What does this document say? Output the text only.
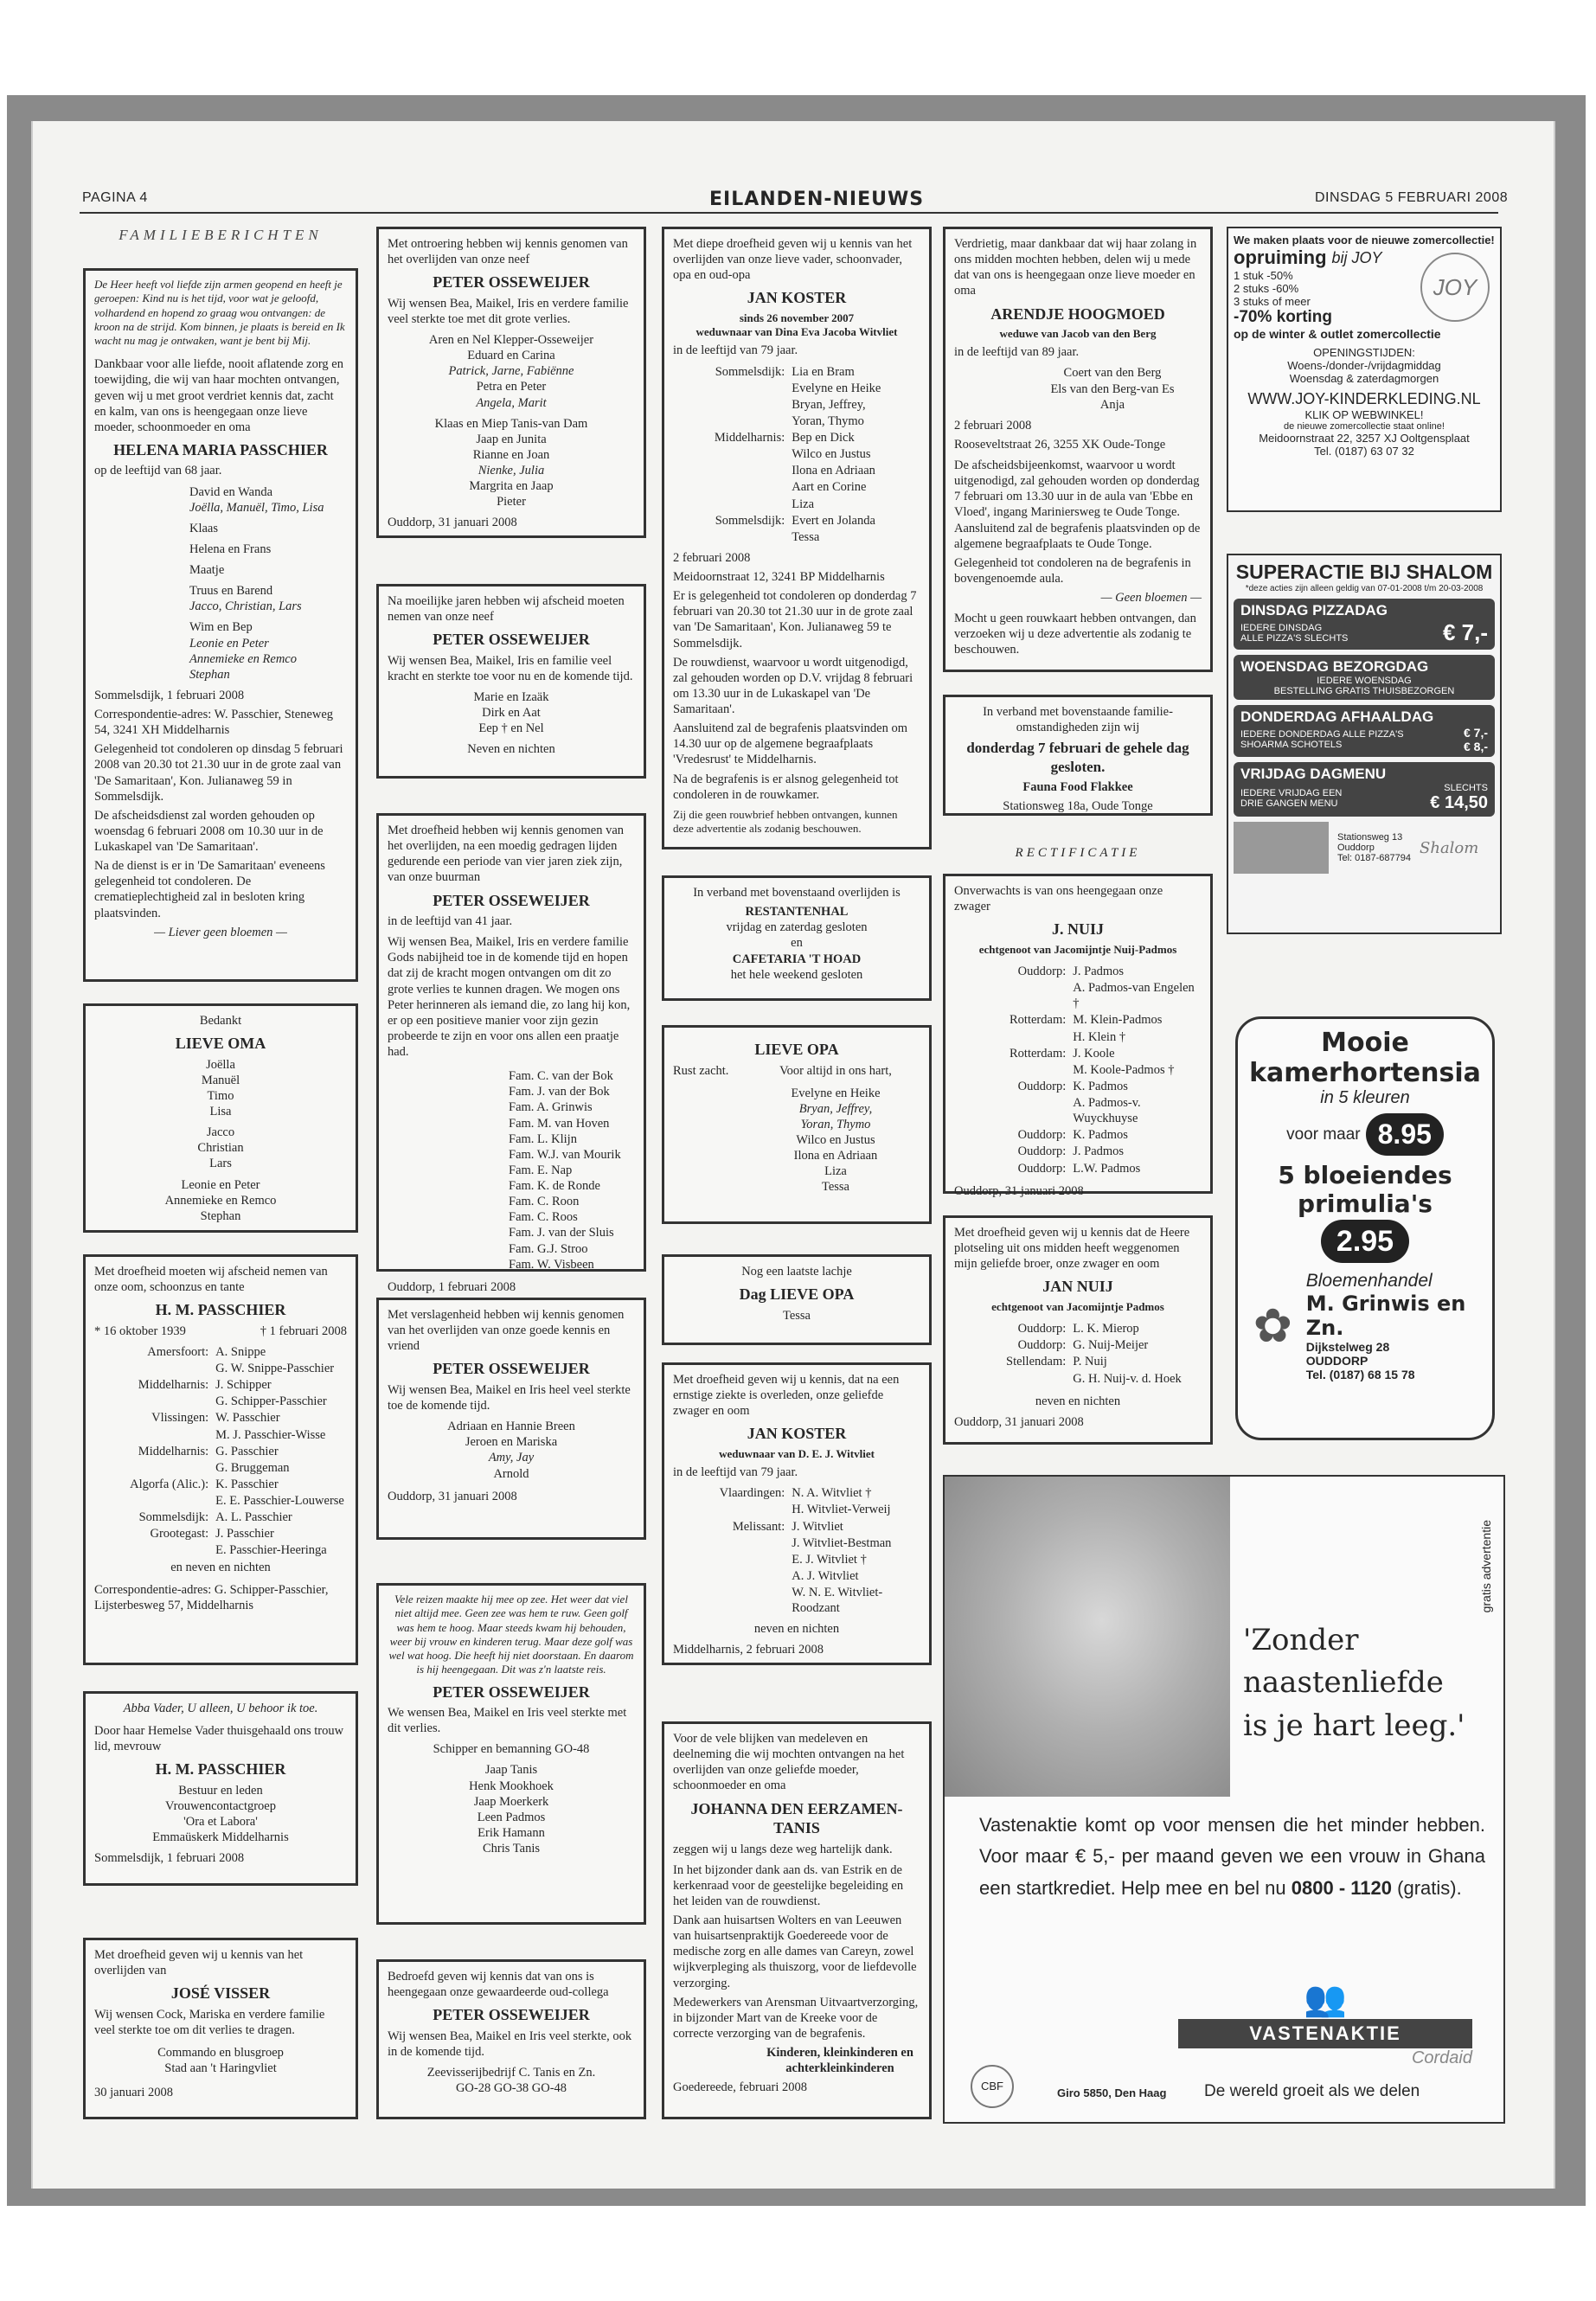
PAGINA 4	EILANDEN-NIEUWS	DINSDAG 5 FEBRUARI 2008
FAMILIEBERICHTEN

De Heer heeft vol liefde zijn armen geopend en heeft je geroepen: Kind nu is het tijd, voor wat je geloofd, volhardend en hopend zo graag wou ontvangen: de kroon na de strijd. Kom binnen, je plaats is bereid en Ik wacht nu mag je ontwaken, want je bent bij Mij.

Dankbaar voor alle liefde, nooit aflatende zorg en toewijding, die wij van haar mochten ontvangen, geven wij u met groot verdriet kennis dat, zacht en kalm, van ons is heengegaan onze lieve moeder, schoonmoeder en oma

HELENA MARIA PASSCHIER

op de leeftijd van 68 jaar.

David en Wanda
Joëlla, Manuël, Timo, Lisa
Klaas
Helena en Frans
Maatje
Truus en Barend
Jacco, Christian, Lars
Wim en Bep
Leonie en Peter
Annemieke en Remco
Stephan

Sommelsdijk, 1 februari 2008

Correspondentie-adres: W. Passchier, Steneweg 54, 3241 XH Middelharnis

Gelegenheid tot condoleren op dinsdag 5 februari 2008 van 20.30 tot 21.30 uur in de grote zaal van 'De Samaritaan', Kon. Julianaweg 59 in Sommelsdijk.

De afscheidsdienst zal worden gehouden op woensdag 6 februari 2008 om 10.30 uur in de Lukaskapel van 'De Samaritaan'.

Na de dienst is er in 'De Samaritaan' eveneens gelegenheid tot condoleren. De crematieplechtigheid zal in besloten kring plaatsvinden.

— Liever geen bloemen —

Bedankt

LIEVE OMA
Joëlla
Manuël
Timo
Lisa
Jacco
Christian
Lars
Leonie en Peter
Annemieke en Remco
Stephan

Met droefheid moeten wij afscheid nemen van onze oom, schoonzus en tante

H. M. PASSCHIER
* 16 oktober 1939	† 1 februari 2008
Amersfoort: A. Snippe
G. W. Snippe-Passchier
Middelharnis: J. Schipper
G. Schipper-Passchier
Vlissingen: W. Passchier
M. J. Passchier-Wisse
Middelharnis: G. Passchier
G. Bruggeman
Algorfa (Alic.): K. Passchier
E. E. Passchier-Louwerse
Sommelsdijk: A. L. Passchier
Grootegast: J. Passchier
E. Passchier-Heeringa

en neven en nichten

Correspondentie-adres: G. Schipper-Passchier, Lijsterbesweg 57, Middelharnis

Abba Vader, U alleen, U behoor ik toe.

Door haar Hemelse Vader thuisgehaald ons trouw lid, mevrouw

H. M. PASSCHIER
Bestuur en leden
Vrouwencontactgroep
'Ora et Labora'
Emmaüskerk Middelharnis

Sommelsdijk, 1 februari 2008

Met droefheid geven wij u kennis van het overlijden van

JOSÉ VISSER

Wij wensen Cock, Mariska en verdere familie veel sterkte toe om dit verlies te dragen.

Commando en blusgroep
Stad aan 't Haringvliet

30 januari 2008

Met ontroering hebben wij kennis genomen van het overlijden van onze neef

PETER OSSEWEIJER

Wij wensen Bea, Maikel, Iris en verdere familie veel sterkte toe met dit grote verlies.

Aren en Nel Klepper-Osseweijer
Eduard en Carina
Patrick, Jarne, Fabiënne
Petra en Peter
Angela, Marit
Klaas en Miep Tanis-van Dam
Jaap en Junita
Rianne en Joan
Nienke, Julia
Margrita en Jaap
Pieter

Ouddorp, 31 januari 2008

Na moeilijke jaren hebben wij afscheid moeten nemen van onze neef

PETER OSSEWEIJER

Wij wensen Bea, Maikel, Iris en familie veel kracht en sterkte toe voor nu en de komende tijd.

Marie en Izaäk
Dirk en Aat
Eep † en Nel
Neven en nichten

Met droefheid hebben wij kennis genomen van het overlijden, na een moedig gedragen lijden gedurende een periode van vier jaren ziek zijn, van onze buurman

PETER OSSEWEIJER

in de leeftijd van 41 jaar.

Wij wensen Bea, Maikel, Iris en verdere familie Gods nabijheid toe in de komende tijd en hopen dat zij de kracht mogen ontvangen om dit zo grote verlies te kunnen dragen. We mogen ons Peter herinneren als iemand die, zo lang hij kon, er op een positieve manier voor zijn gezin probeerde te zijn en voor ons allen een praatje had.

Fam. C. van der Bok
Fam. J. van der Bok
Fam. A. Grinwis
Fam. M. van Hoven
Fam. L. Klijn
Fam. W.J. van Mourik
Fam. E. Nap
Fam. K. de Ronde
Fam. C. Roon
Fam. C. Roos
Fam. J. van der Sluis
Fam. G.J. Stroo
Fam. W. Visbeen

Ouddorp, 1 februari 2008

Met verslagenheid hebben wij kennis genomen van het overlijden van onze goede kennis en vriend

PETER OSSEWEIJER

Wij wensen Bea, Maikel en Iris heel veel sterkte toe de komende tijd.

Adriaan en Hannie Breen
Jeroen en Mariska
Amy, Jay
Arnold

Ouddorp, 31 januari 2008

Vele reizen maakte hij mee op zee. Het weer dat viel niet altijd mee. Geen zee was hem te ruw. Geen golf was hem te hoog. Maar steeds kwam hij behouden, weer bij vrouw en kinderen terug. Maar deze golf was wel wat hoog. Die heeft hij niet doorstaan. En daarom is hij heengegaan. Dit was z'n laatste reis.

PETER OSSEWEIJER

We wensen Bea, Maikel en Iris veel sterkte met dit verlies.

Schipper en bemanning GO-48
Jaap Tanis
Henk Mookhoek
Jaap Moerkerk
Leen Padmos
Erik Hamann
Chris Tanis

Bedroefd geven wij kennis dat van ons is heengegaan onze gewaardeerde oud-collega

PETER OSSEWEIJER

Wij wensen Bea, Maikel en Iris veel sterkte, ook in de komende tijd.

Zeevisserijbedrijf C. Tanis en Zn.
GO-28 GO-38 GO-48

Met diepe droefheid geven wij u kennis van het overlijden van onze lieve vader, schoonvader, opa en oud-opa

JAN KOSTER
sinds 26 november 2007
weduwnaar van Dina Eva Jacoba Witvliet

in de leeftijd van 79 jaar.

Sommelsdijk: Lia en Bram
Evelyne en Heike
Bryan, Jeffrey,
Yoran, Thymo
Middelharnis: Bep en Dick
Wilco en Justus
Ilona en Adriaan
Aart en Corine
Liza
Sommelsdijk: Evert en Jolanda
Tessa

2 februari 2008

Meidoornstraat 12, 3241 BP Middelharnis

Er is gelegenheid tot condoleren op donderdag 7 februari van 20.30 tot 21.30 uur in de grote zaal van 'De Samaritaan', Kon. Julianaweg 59 te Sommelsdijk.

De rouwdienst, waarvoor u wordt uitgenodigd, zal gehouden worden op D.V. vrijdag 8 februari om 13.30 uur in de Lukaskapel van 'De Samaritaan'.

Aansluitend zal de begrafenis plaatsvinden om 14.30 uur op de algemene begraafplaats 'Vredesrust' te Middelharnis.

Na de begrafenis is er alsnog gelegenheid tot condoleren in de rouwkamer.

Zij die geen rouwbrief hebben ontvangen, kunnen deze advertentie als zodanig beschouwen.

In verband met bovenstaand overlijden is

RESTANTENHAL
vrijdag en zaterdag gesloten
en
CAFETARIA 'T HOAD
het hele weekend gesloten
LIEVE OPA
Rust zacht.	Voor altijd in ons hart,
Evelyne en Heike
Bryan, Jeffrey,
Yoran, Thymo
Wilco en Justus
Ilona en Adriaan
Liza
Tessa

Nog een laatste lachje

Dag LIEVE OPA

Tessa

Met droefheid geven wij u kennis, dat na een ernstige ziekte is overleden, onze geliefde zwager en oom

JAN KOSTER
weduwnaar van D. E. J. Witvliet

in de leeftijd van 79 jaar.

Vlaardingen: N. A. Witvliet †
H. Witvliet-Verweij
Melissant: J. Witvliet
J. Witvliet-Bestman
E. J. Witvliet †
A. J. Witvliet
W. N. E. Witvliet-Roodzant

neven en nichten

Middelharnis, 2 februari 2008

Voor de vele blijken van medeleven en deelneming die wij mochten ontvangen na het overlijden van onze geliefde moeder, schoonmoeder en oma

JOHANNA DEN EERZAMEN-TANIS

zeggen wij u langs deze weg hartelijk dank.

In het bijzonder dank aan ds. van Estrik en de kerkenraad voor de geestelijke begeleiding en het leiden van de rouwdienst.

Dank aan huisartsen Wolters en van Leeuwen van huisartsenpraktijk Goedereede voor de medische zorg en alle dames van Careyn, zowel wijkverpleging als thuiszorg, voor de liefdevolle verzorging.

Medewerkers van Arensman Uitvaartverzorging, in bijzonder Mart van de Kreeke voor de correcte verzorging van de begrafenis.

Kinderen, kleinkinderen en achterkleinkinderen

Goedereede, februari 2008

Verdrietig, maar dankbaar dat wij haar zolang in ons midden mochten hebben, delen wij u mede dat van ons is heengegaan onze lieve moeder en oma

ARENDJE HOOGMOED
weduwe van Jacob van den Berg

in de leeftijd van 89 jaar.

Coert van den Berg
Els van den Berg-van Es
Anja

2 februari 2008

Rooseveltstraat 26, 3255 XK Oude-Tonge

De afscheidsbijeenkomst, waarvoor u wordt uitgenodigd, zal gehouden worden op donderdag 7 februari om 13.30 uur in de aula van 'Ebbe en Vloed', ingang Mariniersweg te Oude Tonge. Aansluitend zal de begrafenis plaatsvinden op de algemene begraafplaats te Oude Tonge.

Gelegenheid tot condoleren na de begrafenis in bovengenoemde aula.

— Geen bloemen —

Mocht u geen rouwkaart hebben ontvangen, dan verzoeken wij u deze advertentie als zodanig te beschouwen.

In verband met bovenstaande familie-omstandigheden zijn wij

donderdag 7 februari de gehele dag gesloten.

Fauna Food Flakkee

Stationsweg 18a, Oude Tonge

RECTIFICATIE

Onverwachts is van ons heengegaan onze zwager

J. NUIJ
echtgenoot van Jacomijntje Nuij-Padmos
Ouddorp: J. Padmos
A. Padmos-van Engelen †
Rotterdam: M. Klein-Padmos
H. Klein †
Rotterdam: J. Koole
M. Koole-Padmos †
Ouddorp: K. Padmos
A. Padmos-v. Wuyckhuyse
Ouddorp: K. Padmos
Ouddorp: J. Padmos
Ouddorp: L.W. Padmos

Ouddorp, 31 januari 2008

Met droefheid geven wij u kennis dat de Heere plotseling uit ons midden heeft weggenomen mijn geliefde broer, onze zwager en oom

JAN NUIJ
echtgenoot van Jacomijntje Padmos
Ouddorp: L. K. Mierop
Ouddorp: G. Nuij-Meijer
Stellendam: P. Nuij
G. H. Nuij-v. d. Hoek

neven en nichten

Ouddorp, 31 januari 2008

We maken plaats voor de nieuwe zomercollectie!
opruiming bij JOY
1 stuk -50%
2 stuks -60%
3 stuks of meer
-70% korting
op de winter & outlet zomercollectie
OPENINGSTIJDEN:
Woens-/donder-/vrijdagmiddag
Woensdag & zaterdagmorgen
WWW.JOY-KINDERKLEDING.NL
KLIK OP WEBWINKEL!
de nieuwe zomercollectie staat online!
Meidoornstraat 22, 3257 XJ Ooltgensplaat
Tel. (0187) 63 07 32
JOY
SUPERACTIE BIJ SHALOM
*deze acties zijn alleen geldig van 07-01-2008 t/m 20-03-2008
DINSDAG PIZZADAG
IEDERE DINSDAG
ALLE PIZZA'S SLECHTS	€ 7,-
WOENSDAG BEZORGDAG
IEDERE WOENSDAG
BESTELLING GRATIS THUISBEZORGEN
DONDERDAG AFHAALDAG
IEDERE DONDERDAG ALLE PIZZA'S
SHOARMA SCHOTELS
€ 7,-
€ 8,-
VRIJDAG DAGMENU
IEDERE VRIJDAG EEN
DRIE GANGEN MENU
SLECHTS
€ 14,50
Stationsweg 13
Ouddorp
Tel: 0187-687794
Shalom
Mooie
kamerhortensia
in 5 kleuren
voor maar 8.95
5 bloeiendes
primulia's
2.95
✿
Bloemenhandel
M. Grinwis en Zn.
Dijkstelweg 28
OUDDORP
Tel. (0187) 68 15 78
'Zonder
naastenliefde
is je hart leeg.'
gratis advertentie
Vastenaktie komt op voor mensen die het minder hebben. Voor maar € 5,- per maand geven we een vrouw in Ghana een startkrediet. Help mee en bel nu 0800 - 1120 (gratis).
👥
VASTENAKTIE
Cordaid
CBF
Giro 5850, Den Haag De wereld groeit als we delen
